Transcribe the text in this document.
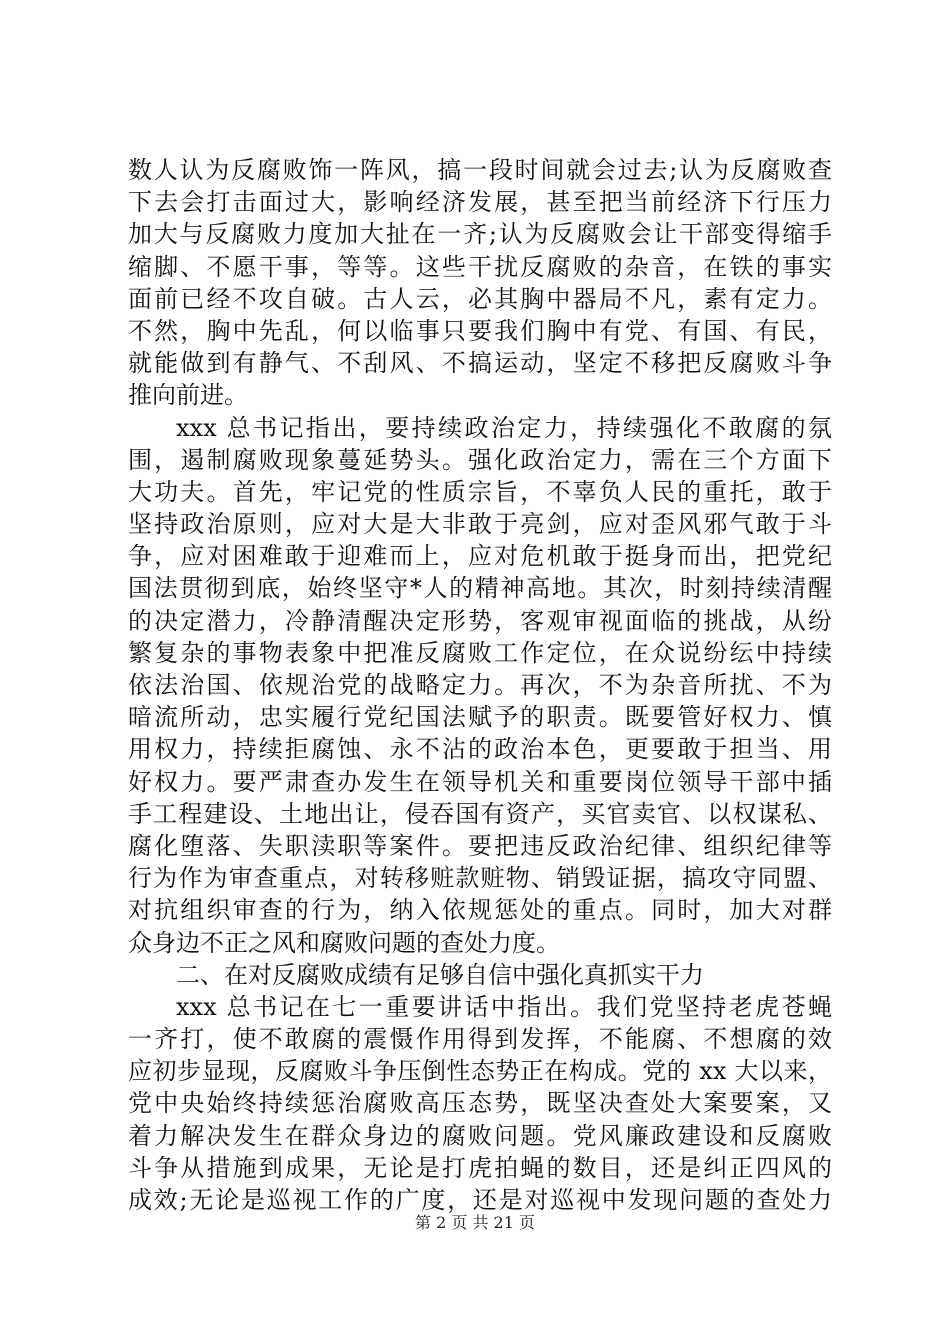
数人认为反腐败饰一阵风，搞一段时间就会过去;认为反腐败查
下去会打击面过大，影响经济发展，甚至把当前经济下行压力
加大与反腐败力度加大扯在一齐;认为反腐败会让干部变得缩手
缩脚、不愿干事，等等。这些干扰反腐败的杂音，在铁的事实
面前已经不攻自破。古人云，必其胸中器局不凡，素有定力。
不然，胸中先乱，何以临事只要我们胸中有党、有国、有民，
就能做到有静气、不刮风、不搞运动，坚定不移把反腐败斗争
推向前进。
xxx 总书记指出，要持续政治定力，持续强化不敢腐的氛
围，遏制腐败现象蔓延势头。强化政治定力，需在三个方面下
大功夫。首先，牢记党的性质宗旨，不辜负人民的重托，敢于
坚持政治原则，应对大是大非敢于亮剑，应对歪风邪气敢于斗
争，应对困难敢于迎难而上，应对危机敢于挺身而出，把党纪
国法贯彻到底，始终坚守*人的精神高地。其次，时刻持续清醒
的决定潜力，冷静清醒决定形势，客观审视面临的挑战，从纷
繁复杂的事物表象中把准反腐败工作定位，在众说纷纭中持续
依法治国、依规治党的战略定力。再次，不为杂音所扰、不为
暗流所动，忠实履行党纪国法赋予的职责。既要管好权力、慎
用权力，持续拒腐蚀、永不沾的政治本色，更要敢于担当、用
好权力。要严肃查办发生在领导机关和重要岗位领导干部中插
手工程建设、土地出让，侵吞国有资产，买官卖官、以权谋私、
腐化堕落、失职渎职等案件。要把违反政治纪律、组织纪律等
行为作为审查重点，对转移赃款赃物、销毁证据，搞攻守同盟、
对抗组织审查的行为，纳入依规惩处的重点。同时，加大对群
众身边不正之风和腐败问题的查处力度。
二、在对反腐败成绩有足够自信中强化真抓实干力
xxx 总书记在七一重要讲话中指出。我们党坚持老虎苍蝇
一齐打，使不敢腐的震慑作用得到发挥，不能腐、不想腐的效
应初步显现，反腐败斗争压倒性态势正在构成。党的 xx 大以来，
党中央始终持续惩治腐败高压态势，既坚决查处大案要案，又
着力解决发生在群众身边的腐败问题。党风廉政建设和反腐败
斗争从措施到成果，无论是打虎拍蝇的数目，还是纠正四风的
成效;无论是巡视工作的广度，还是对巡视中发现问题的查处力
第 2 页 共 21 页
